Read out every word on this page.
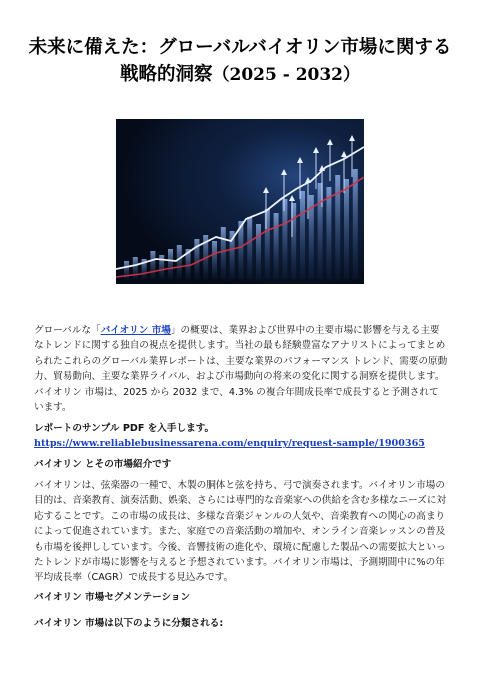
未来に備えた：グローバルバイオリン市場に関する戦略的洞察（2025 - 2032）

グローバルな「バイオリン 市場」の概要は、業界および世界中の主要市場に影響を与える主要なトレンドに関する独自の視点を提供します。当社の最も経験豊富なアナリストによってまとめられたこれらのグローバル業界レポートは、主要な業界のパフォーマンス トレンド、需要の原動力、貿易動向、主要な業界ライバル、および市場動向の将来の変化に関する洞察を提供します。バイオリン 市場は、2025 から 2032 まで、4.3% の複合年間成長率で成長すると予測されています。

レポートのサンプル PDF を入手します。 https://www.reliablebusinessarena.com/enquiry/request-sample/1900365

バイオリン とその市場紹介です

バイオリンは、弦楽器の一種で、木製の胴体と弦を持ち、弓で演奏されます。バイオリン市場の目的は、音楽教育、演奏活動、娯楽、さらには専門的な音楽家への供給を含む多様なニーズに対応することです。この市場の成長は、多様な音楽ジャンルの人気や、音楽教育への関心の高まりによって促進されています。また、家庭での音楽活動の増加や、オンライン音楽レッスンの普及も市場を後押ししています。今後、音響技術の進化や、環境に配慮した製品への需要拡大といったトレンドが市場に影響を与えると予想されています。バイオリン市場は、予測期間中に%の年平均成長率（CAGR）で成長する見込みです。

バイオリン 市場セグメンテーション

バイオリン 市場は以下のように分類される:
